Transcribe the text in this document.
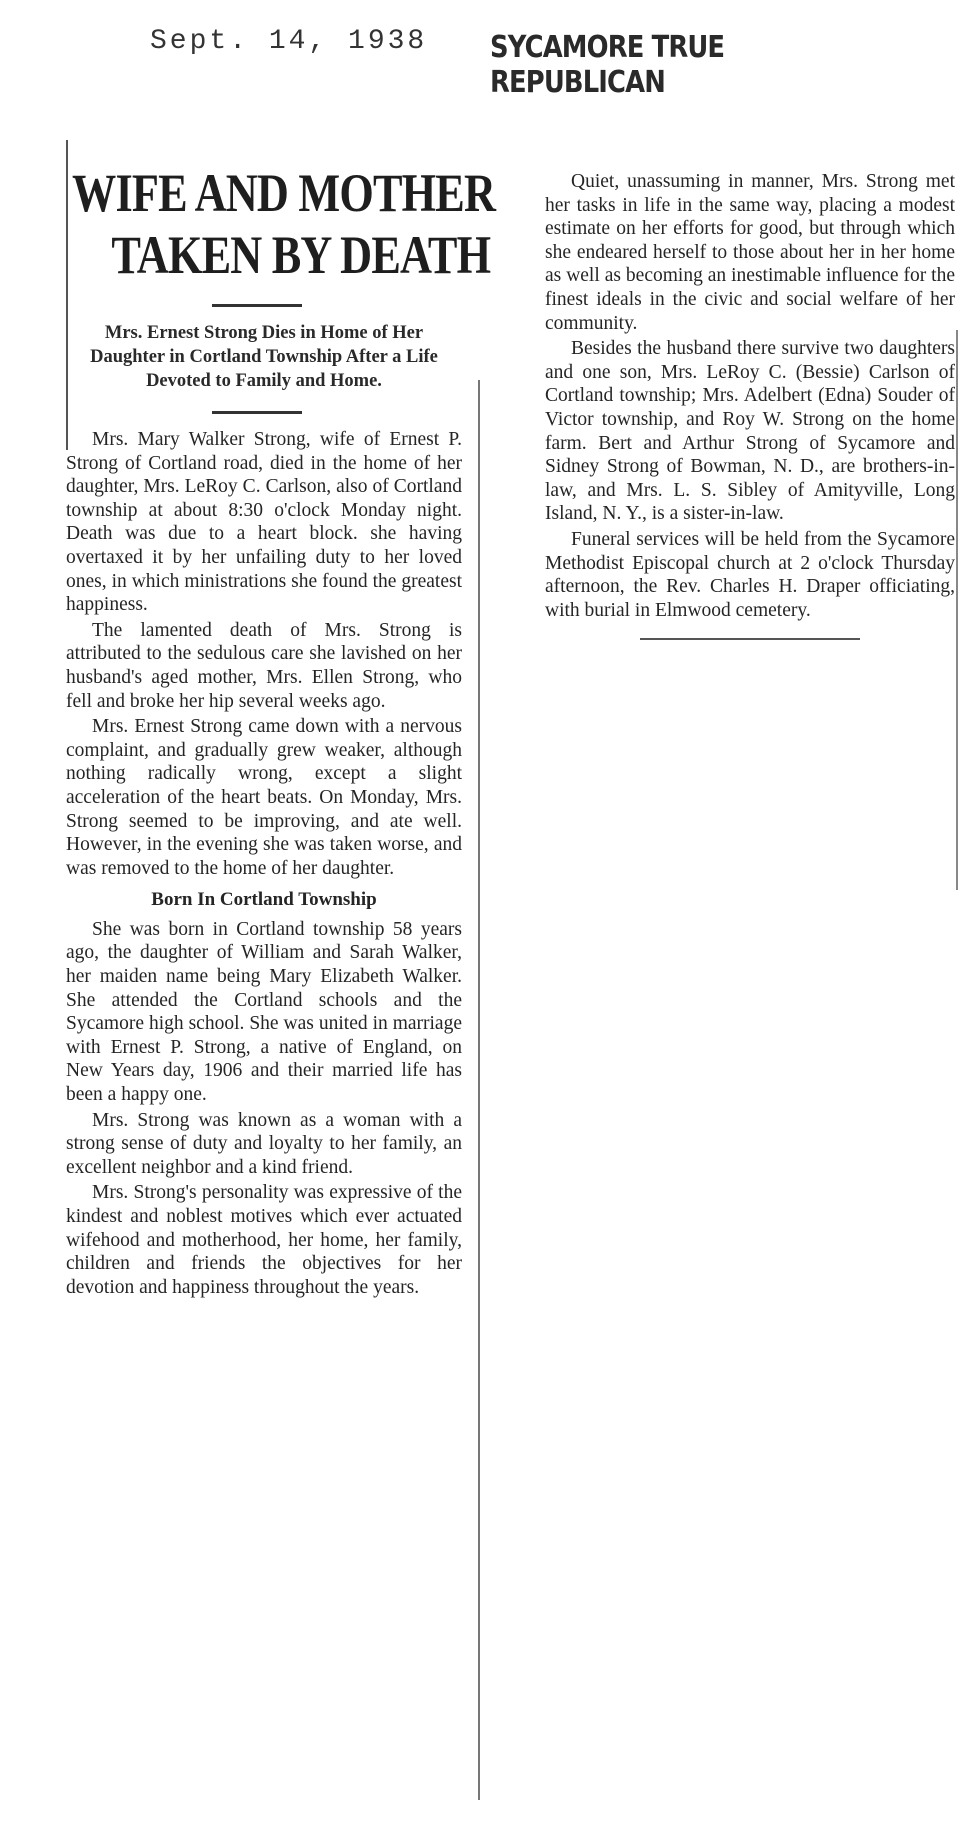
Sept. 14, 1938 SYCAMORE TRUE REPUBLICAN
WIFE AND MOTHER
TAKEN BY DEATH
Mrs. Ernest Strong Dies in Home of Her Daughter in Cortland Township After a Life Devoted to Family and Home.

Mrs. Mary Walker Strong, wife of Ernest P. Strong of Cortland road, died in the home of her daughter, Mrs. LeRoy C. Carlson, also of Cortland township at about 8:30 o'clock Monday night. Death was due to a heart block. she having overtaxed it by her unfailing duty to her loved ones, in which ministrations she found the greatest happiness.

The lamented death of Mrs. Strong is attributed to the sedulous care she lavished on her husband's aged mother, Mrs. Ellen Strong, who fell and broke her hip several weeks ago.

Mrs. Ernest Strong came down with a nervous complaint, and gradually grew weaker, although nothing radically wrong, except a slight acceleration of the heart beats. On Monday, Mrs. Strong seemed to be improving, and ate well. However, in the evening she was taken worse, and was removed to the home of her daughter.

Born In Cortland Township

She was born in Cortland township 58 years ago, the daughter of William and Sarah Walker, her maiden name being Mary Elizabeth Walker. She attended the Cortland schools and the Sycamore high school. She was united in marriage with Ernest P. Strong, a native of England, on New Years day, 1906 and their married life has been a happy one.

Mrs. Strong was known as a woman with a strong sense of duty and loyalty to her family, an excellent neighbor and a kind friend.

Mrs. Strong's personality was expressive of the kindest and noblest motives which ever actuated wifehood and motherhood, her home, her family, children and friends the objectives for her devotion and happiness throughout the years.

Quiet, unassuming in manner, Mrs. Strong met her tasks in life in the same way, placing a modest estimate on her efforts for good, but through which she endeared herself to those about her in her home as well as becoming an inestimable influence for the finest ideals in the civic and social welfare of her community.

Besides the husband there survive two daughters and one son, Mrs. LeRoy C. (Bessie) Carlson of Cortland township; Mrs. Adelbert (Edna) Souder of Victor township, and Roy W. Strong on the home farm. Bert and Arthur Strong of Sycamore and Sidney Strong of Bowman, N. D., are brothers-in-law, and Mrs. L. S. Sibley of Amityville, Long Island, N. Y., is a sister-in-law.

Funeral services will be held from the Sycamore Methodist Episcopal church at 2 o'clock Thursday afternoon, the Rev. Charles H. Draper officiating, with burial in Elmwood cemetery.
